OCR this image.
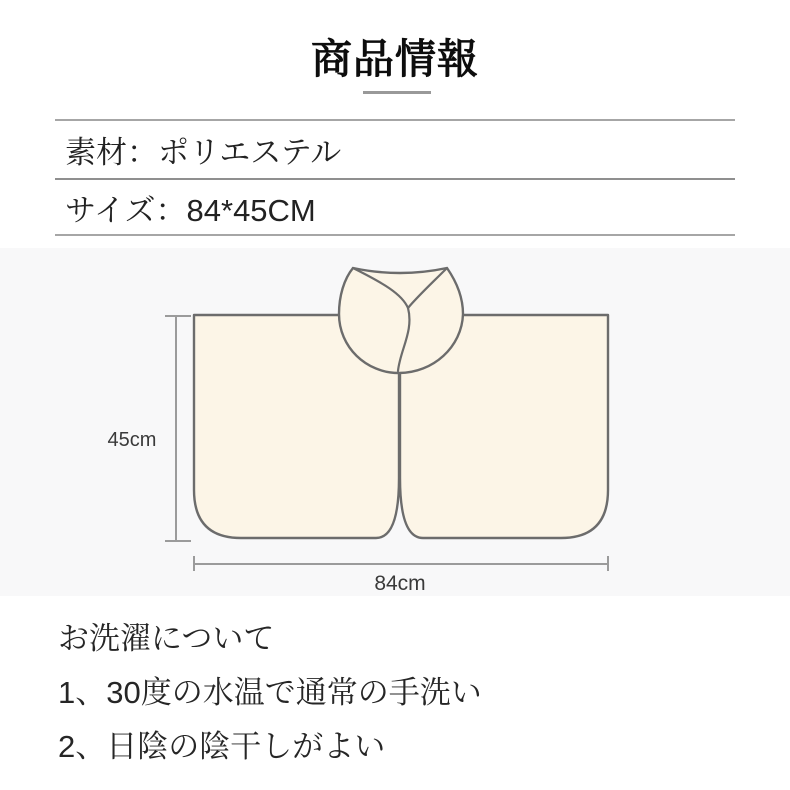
商品情報
素材：ポリエステル
サイズ：84*45CM
45cm
84cm
お洗濯について
1、30度の水温で通常の手洗い
2、日陰の陰干しがよい
